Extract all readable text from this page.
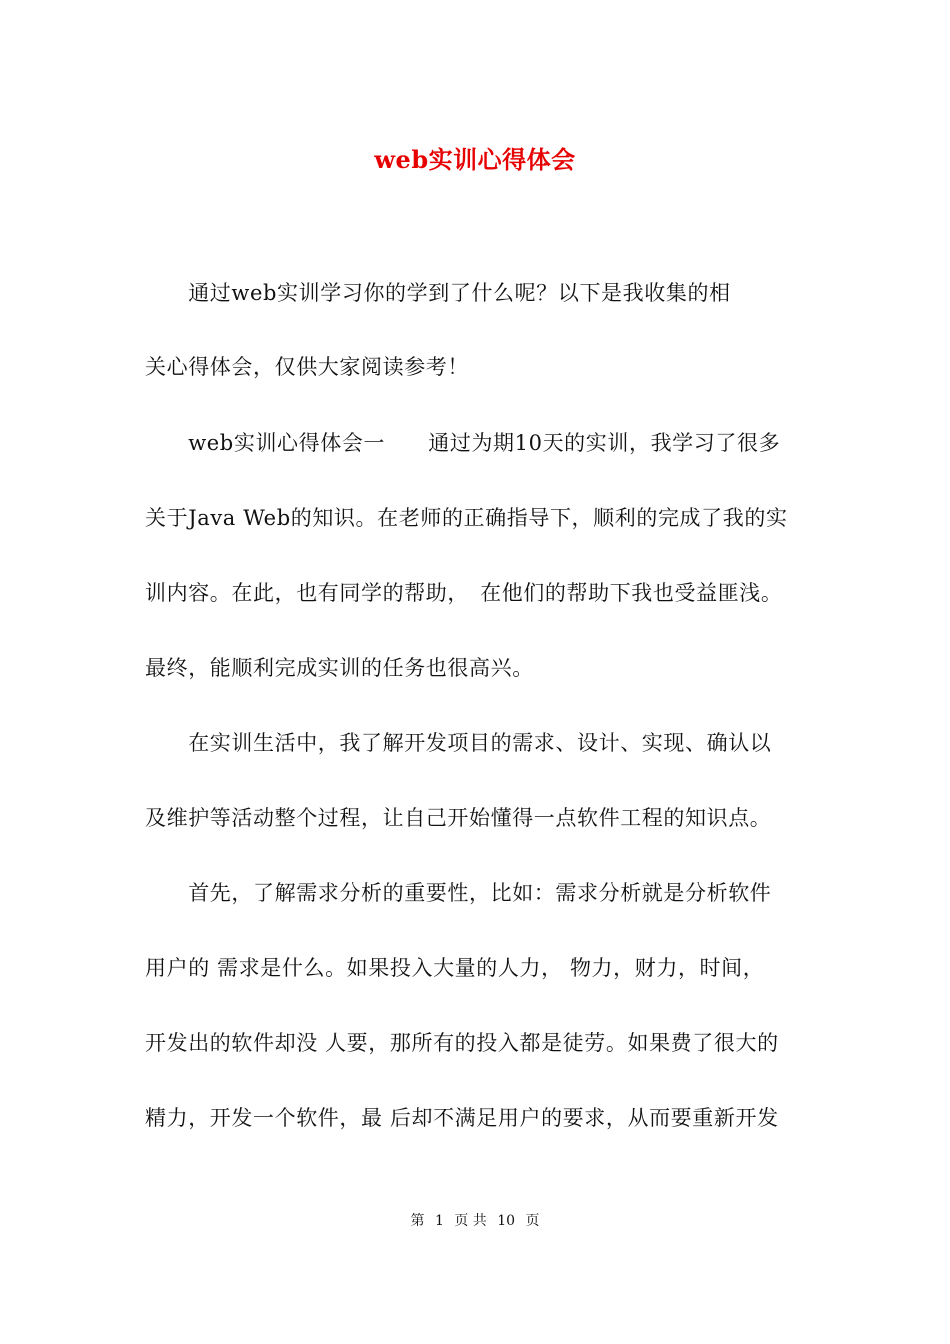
web实训心得体会
　　通过web实训学习你的学到了什么呢？以下是我收集的相
关心得体会，仅供大家阅读参考！
　　web实训心得体会一　　通过为期10天的实训，我学习了很多
关于Java Web的知识。在老师的正确指导下，顺利的完成了我的实
训内容。在此，也有同学的帮助，　在他们的帮助下我也受益匪浅。
最终，能顺利完成实训的任务也很高兴。
　　在实训生活中，我了解开发项目的需求、设计、实现、确认以
及维护等活动整个过程，让自己开始懂得一点软件工程的知识点。
　　首先，了解需求分析的重要性，比如：需求分析就是分析软件
用户的 需求是什么。如果投入大量的人力， 物力，财力，时间，
开发出的软件却没 人要，那所有的投入都是徒劳。如果费了很大的
精力，开发一个软件，最 后却不满足用户的要求，从而要重新开发
第 1 页 共 10 页
